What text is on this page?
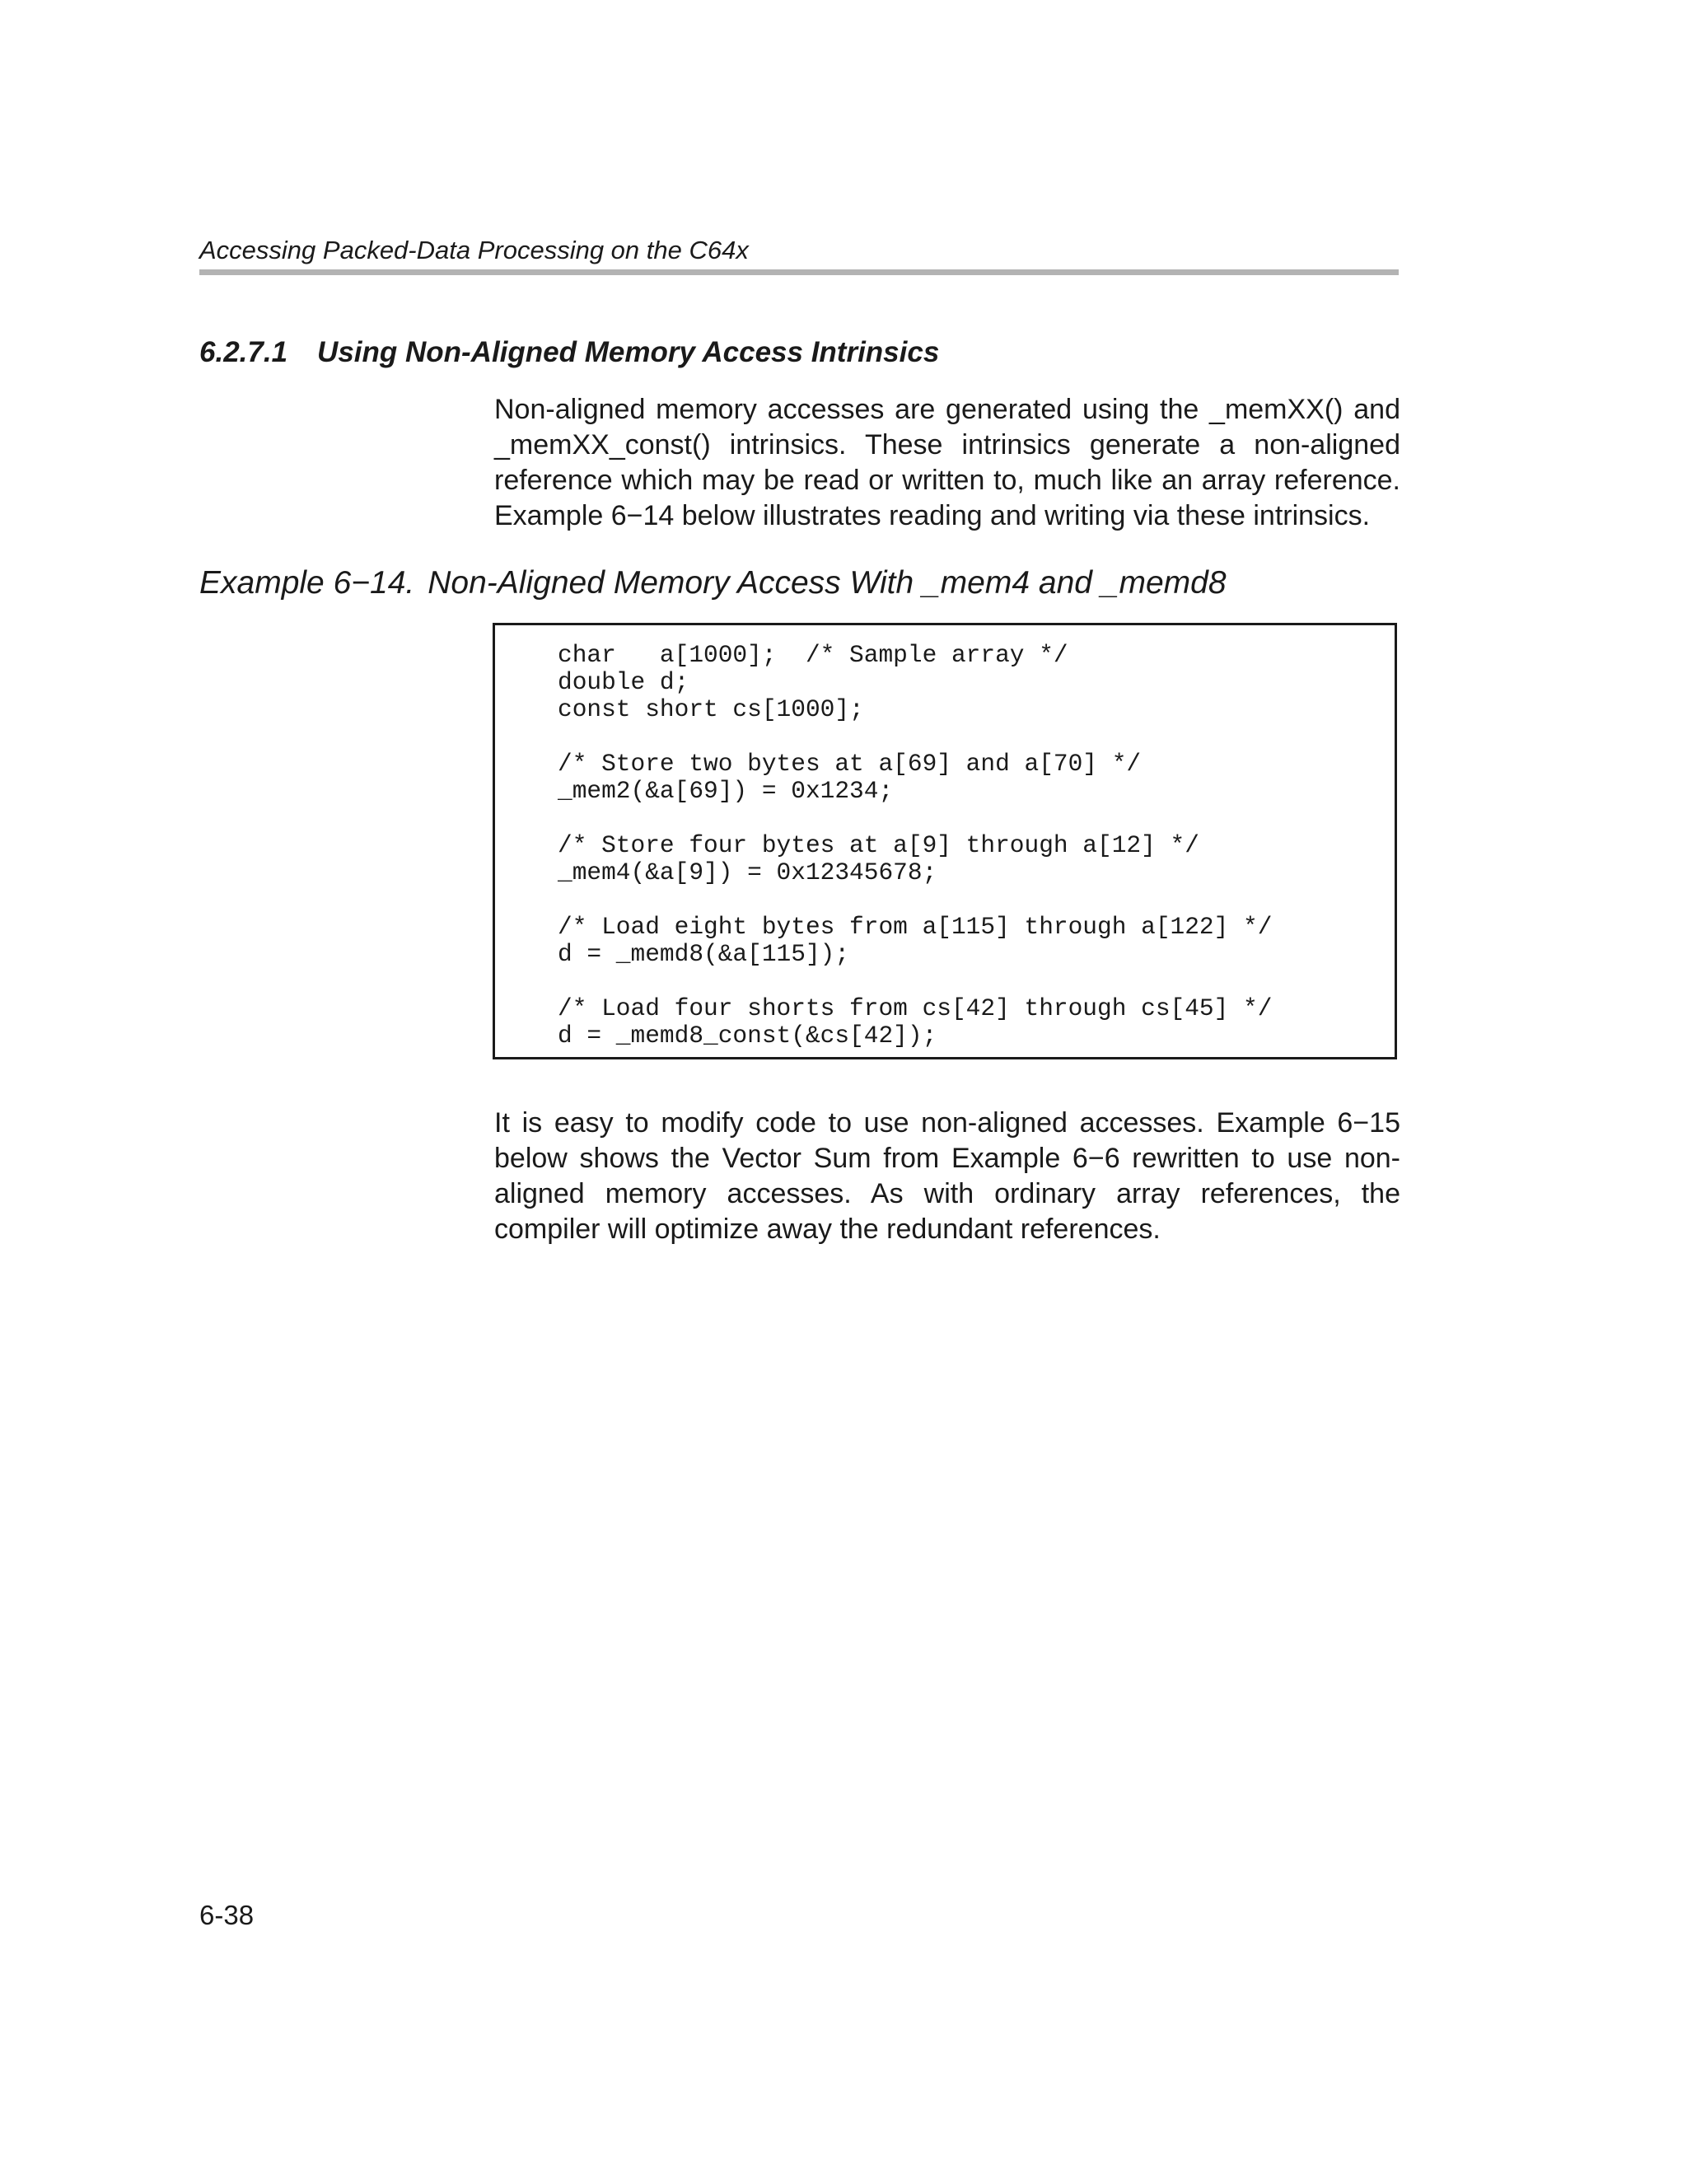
Accessing Packed-Data Processing on the C64x
6.2.7.1 Using Non-Aligned Memory Access Intrinsics

Non-aligned memory accesses are generated using the _memXX() and _memXX_const() intrinsics. These intrinsics generate a non-aligned reference which may be read or written to, much like an array reference. Example 6−14 below illustrates reading and writing via these intrinsics.

Example 6−14. Non-Aligned Memory Access With _mem4 and _memd8
char   a[1000];  /* Sample array */
double d;
const short cs[1000];

/* Store two bytes at a[69] and a[70] */
_mem2(&a[69]) = 0x1234;

/* Store four bytes at a[9] through a[12] */
_mem4(&a[9]) = 0x12345678;

/* Load eight bytes from a[115] through a[122] */
d = _memd8(&a[115]);

/* Load four shorts from cs[42] through cs[45] */
d = _memd8_const(&cs[42]);

It is easy to modify code to use non-aligned accesses. Example 6−15 below shows the Vector Sum from Example 6−6 rewritten to use non-aligned memory accesses. As with ordinary array references, the compiler will optimize away the redundant references.

6-38
